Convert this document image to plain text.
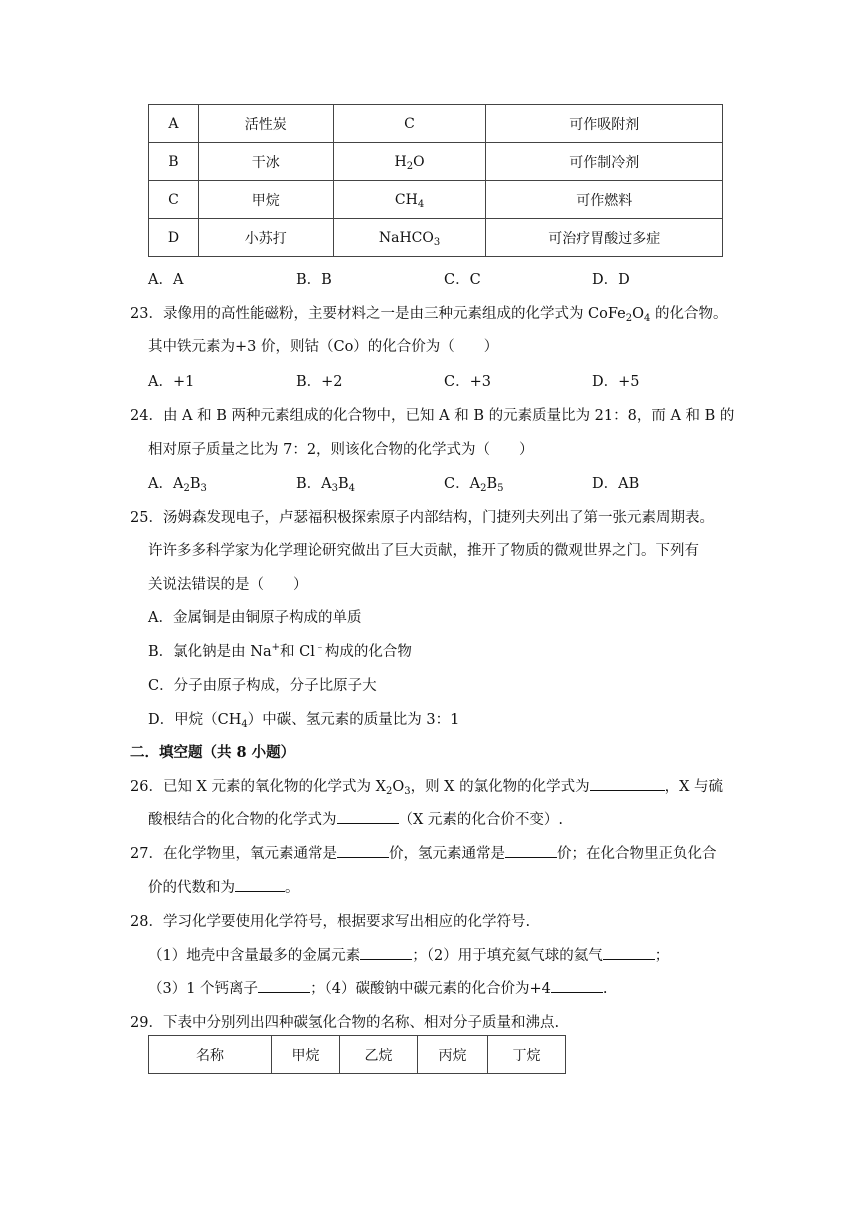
A	活性炭	C	可作吸附剂
B	干冰	$H_2O$	可作制冷剂
C	甲烷	$CH_4$	可作燃料
D	小苏打	NaHCO$_3$	可治疗胃酸过多症
A．A	B．B	C．C	D．D
23．录像用的高性能磁粉，主要材料之一是由三种元素组成的化学式为 $CoFe_2O_4$ 的化合物。
其中铁元素为+3 价，则钴（Co）的化合价为（　　）
A．+1	B．+2	C．+3	D．+5
24．由 A 和 B 两种元素组成的化合物中，已知 A 和 B 的元素质量比为 21：8，而 A 和 B 的
相对原子质量之比为 7：2，则该化合物的化学式为（　　）
A．$A_2B_3$	B．$A_3B_4$	C．$A_2B_5$	D．AB
25．汤姆森发现电子，卢瑟福积极探索原子内部结构，门捷列夫列出了第一张元素周期表。
许许多多科学家为化学理论研究做出了巨大贡献，推开了物质的微观世界之门。下列有
关说法错误的是（　　）
A．金属铜是由铜原子构成的单质
B．氯化钠是由 Na+和 Cl﹣构成的化合物
C．分子由原子构成，分子比原子大
D．甲烷$(CH_4)$中碳、氢元素的质量比为 3：1
二．填空题（共 8 小题）
26．已知 X 元素的氧化物的化学式为 $X_2O_3$，则 X 的氯化物的化学式为	，X 与硫
酸根结合的化合物的化学式为	（X 元素的化合价不变）.
27．在化学物里，氧元素通常是	价，氢元素通常是	价；在化合物里正负化合
价的代数和为	。
28．学习化学要使用化学符号，根据要求写出相应的化学符号.
（1）地壳中含量最多的金属元素	；（2）用于填充氦气球的氦气	；
（3）1 个钙离子	；（4）碳酸钠中碳元素的化合价为+4	.
29．下表中分别列出四种碳氢化合物的名称、相对分子质量和沸点.
名称	甲烷	乙烷	丙烷	丁烷
